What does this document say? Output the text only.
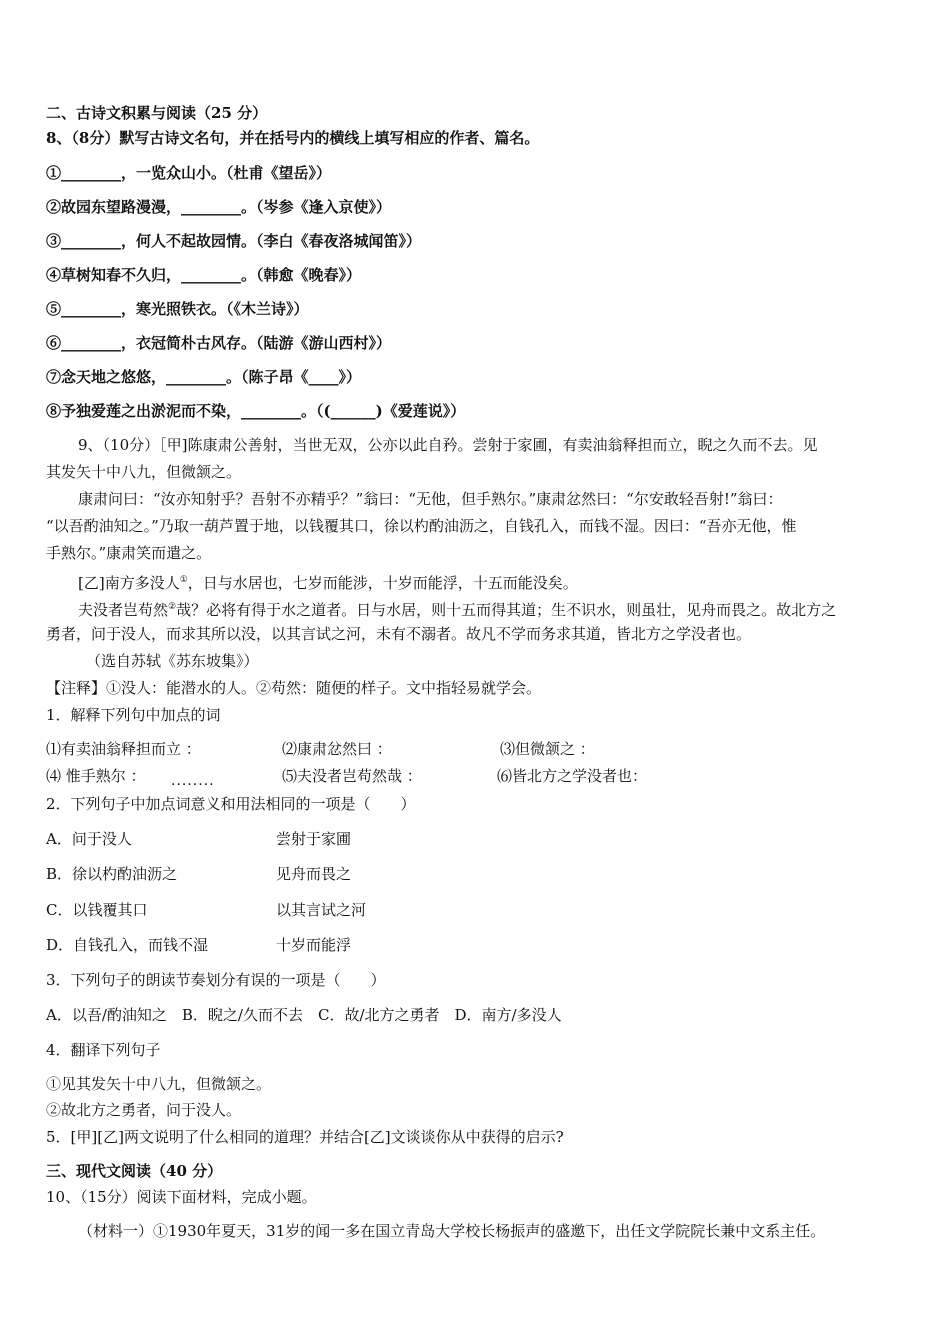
二、古诗文积累与阅读（25 分）
8、（8分）默写古诗文名句，并在括号内的横线上填写相应的作者、篇名。
①________，一览众山小。（杜甫《望岳》）
②故园东望路漫漫，________。（岑参《逢入京使》）
③________，何人不起故园情。（李白《春夜洛城闻笛》）
④草树知春不久归，________。（韩愈《晚春》）
⑤________，寒光照铁衣。（《木兰诗》）
⑥________，衣冠简朴古风存。（陆游《游山西村》）
⑦念天地之悠悠，________。（陈子昂《____》）
⑧予独爱莲之出淤泥而不染，________。（(______)《爱莲说》）
9、（10分）［甲]陈康肃公善射，当世无双，公亦以此自矜。尝射于家圃，有卖油翁释担而立，睨之久而不去。见
其发矢十中八九，但微颔之。
康肃问曰：“汝亦知射乎？吾射不亦精乎？”翁曰：“无他，但手熟尔。”康肃忿然曰：“尔安敢轻吾射!”翁曰：
“以吾酌油知之。”乃取一葫芦置于地，以钱覆其口，徐以杓酌油沥之，自钱孔入，而钱不湿。因曰：“吾亦无他，惟
手熟尔。”康肃笑而遣之。
[乙]南方多没人①，日与水居也，七岁而能涉，十岁而能浮，十五而能没矣。
夫没者岂苟然②哉？必将有得于水之道者。日与水居，则十五而得其道；生不识水，则虽壮，见舟而畏之。故北方之
勇者，问于没人，而求其所以没，以其言试之河，未有不溺者。故凡不学而务求其道，皆北方之学没者也。
（选自苏轼《苏东坡集》）
【注释】①没人：能潜水的人。②苟然：随便的样子。文中指轻易就学会。
1．解释下列句中加点的词
⑴有卖油翁释担而立 ：	⑵康肃忿然曰 ：	⑶但微颔之 ：
⑷ 惟手熟尔 ： ........	⑸夫没者岂苟然哉 ：	⑹皆北方之学没者也：
2．下列句子中加点词意义和用法相同的一项是（　　）
A．问于没人	尝射于家圃
B．徐以杓酌油沥之	见舟而畏之
C．以钱覆其口	以其言试之河
D．自钱孔入，而钱不湿	十岁而能浮
3．下列句子的朗读节奏划分有误的一项是（　　）
A．以吾/酌油知之　B．睨之/久而不去　C．故/北方之勇者　D．南方/多没人
4．翻译下列句子
①见其发矢十中八九，但微颔之。
②故北方之勇者，问于没人。
5．[甲][乙]两文说明了什么相同的道理？并结合[乙]文谈谈你从中获得的启示?
三、现代文阅读（40 分）
10、（15分）阅读下面材料，完成小题。
（材料一）①1930年夏天，31岁的闻一多在国立青岛大学校长杨振声的盛邀下，出任文学院院长兼中文系主任。
